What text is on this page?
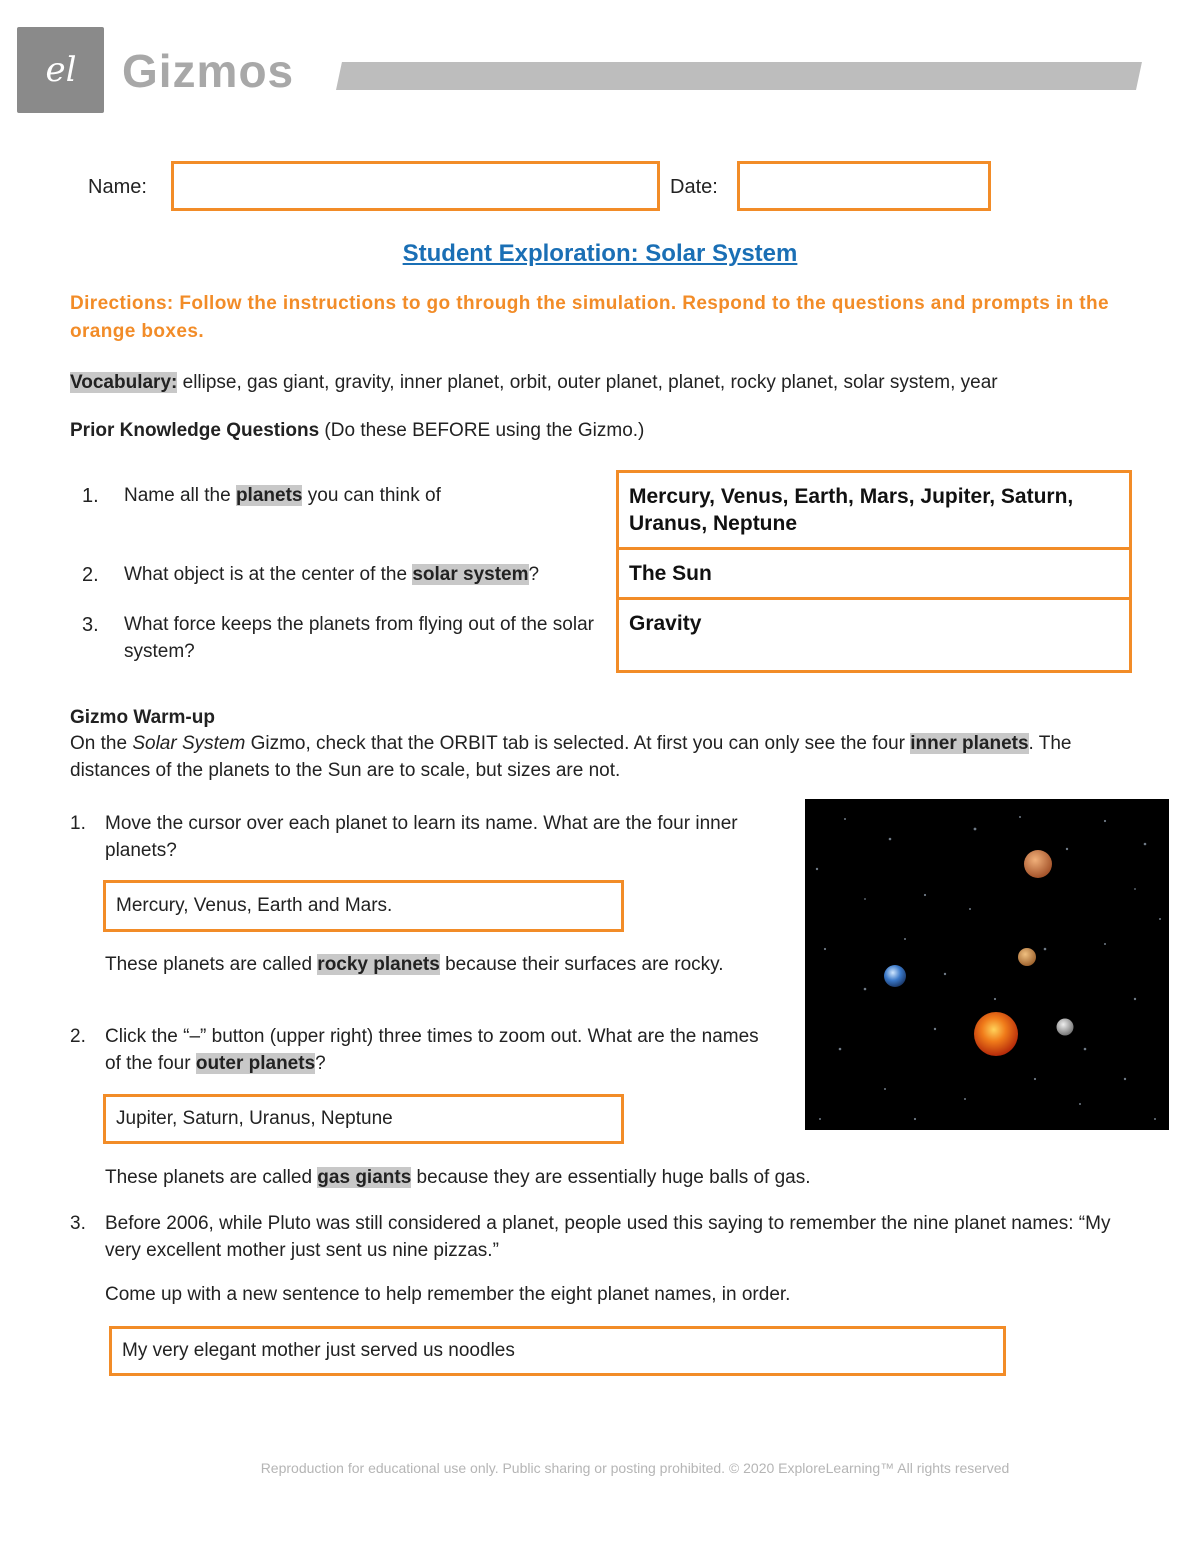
el Gizmos
Name:	Date:
Student Exploration: Solar System
Directions: Follow the instructions to go through the simulation. Respond to the questions and prompts in the orange boxes.
Vocabulary: ellipse, gas giant, gravity, inner planet, orbit, outer planet, planet, rocky planet, solar system, year
Prior Knowledge Questions (Do these BEFORE using the Gizmo.)
1. Name all the planets you can think of
2. What object is at the center of the solar system?
3. What force keeps the planets from flying out of the solar system?
Mercury, Venus, Earth, Mars, Jupiter, Saturn, Uranus, Neptune
The Sun
Gravity
Gizmo Warm-up
On the Solar System Gizmo, check that the ORBIT tab is selected. At first you can only see the four inner planets. The distances of the planets to the Sun are to scale, but sizes are not.
1. Move the cursor over each planet to learn its name. What are the four inner planets?
Mercury, Venus, Earth and Mars.
These planets are called rocky planets because their surfaces are rocky.
2. Click the “–” button (upper right) three times to zoom out. What are the names of the four outer planets?
Jupiter, Saturn, Uranus, Neptune
These planets are called gas giants because they are essentially huge balls of gas.
3. Before 2006, while Pluto was still considered a planet, people used this saying to remember the nine planet names: “My very excellent mother just sent us nine pizzas.”
Come up with a new sentence to help remember the eight planet names, in order.
My very elegant mother just served us noodles
Reproduction for educational use only. Public sharing or posting prohibited. © 2020 ExploreLearning™ All rights reserved
